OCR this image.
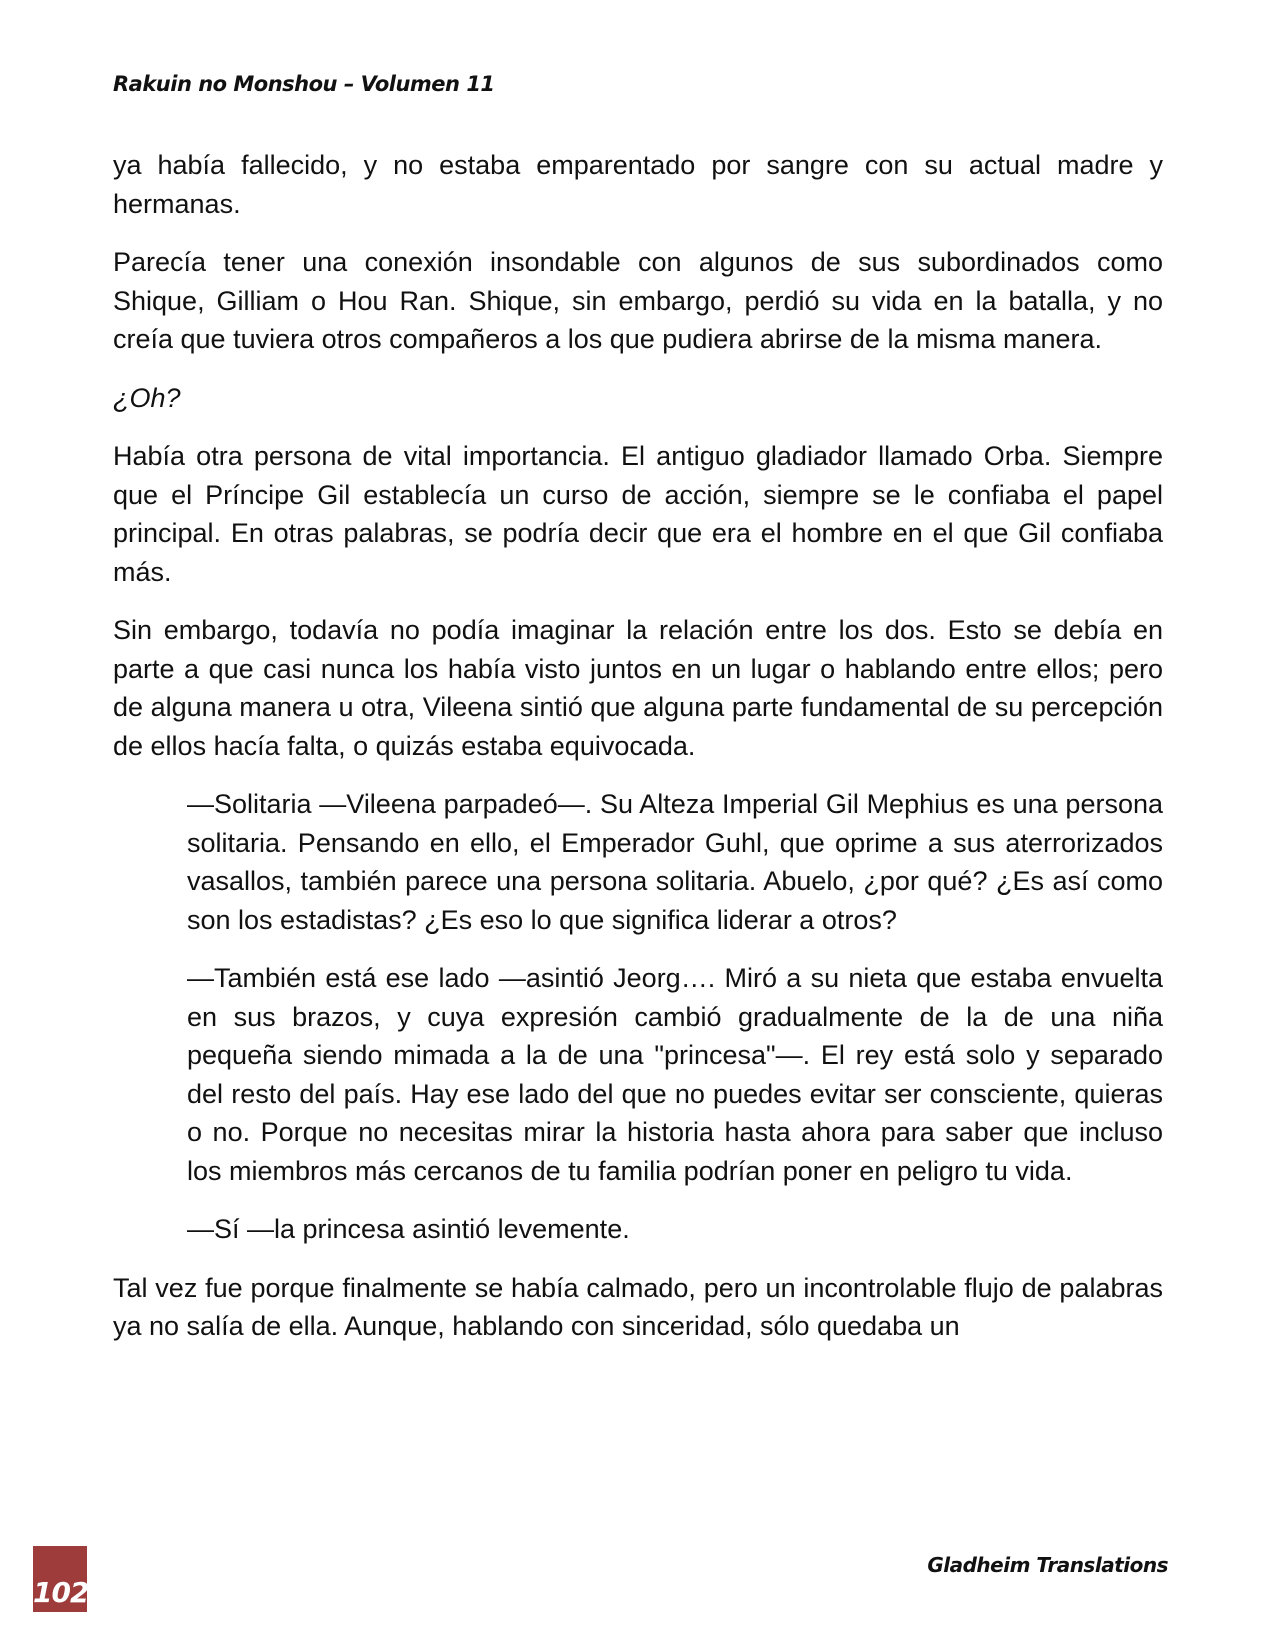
Rakuin no Monshou – Volumen 11

ya había fallecido, y no estaba emparentado por sangre con su actual madre y hermanas.

Parecía tener una conexión insondable con algunos de sus subordinados como Shique, Gilliam o Hou Ran. Shique, sin embargo, perdió su vida en la batalla, y no creía que tuviera otros compañeros a los que pudiera abrirse de la misma manera.

¿Oh?

Había otra persona de vital importancia. El antiguo gladiador llamado Orba. Siempre que el Príncipe Gil establecía un curso de acción, siempre se le confiaba el papel principal. En otras palabras, se podría decir que era el hombre en el que Gil confiaba más.

Sin embargo, todavía no podía imaginar la relación entre los dos. Esto se debía en parte a que casi nunca los había visto juntos en un lugar o hablando entre ellos; pero de alguna manera u otra, Vileena sintió que alguna parte fundamental de su percepción de ellos hacía falta, o quizás estaba equivocada.

—Solitaria —Vileena parpadeó—. Su Alteza Imperial Gil Mephius es una persona solitaria. Pensando en ello, el Emperador Guhl, que oprime a sus aterrorizados vasallos, también parece una persona solitaria. Abuelo, ¿por qué? ¿Es así como son los estadistas? ¿Es eso lo que significa liderar a otros?

—También está ese lado —asintió Jeorg…. Miró a su nieta que estaba envuelta en sus brazos, y cuya expresión cambió gradualmente de la de una niña pequeña siendo mimada a la de una "princesa"—. El rey está solo y separado del resto del país. Hay ese lado del que no puedes evitar ser consciente, quieras o no. Porque no necesitas mirar la historia hasta ahora para saber que incluso los miembros más cercanos de tu familia podrían poner en peligro tu vida.

—Sí —la princesa asintió levemente.

Tal vez fue porque finalmente se había calmado, pero un incontrolable flujo de palabras ya no salía de ella. Aunque, hablando con sinceridad, sólo quedaba un

102
Gladheim Translations
